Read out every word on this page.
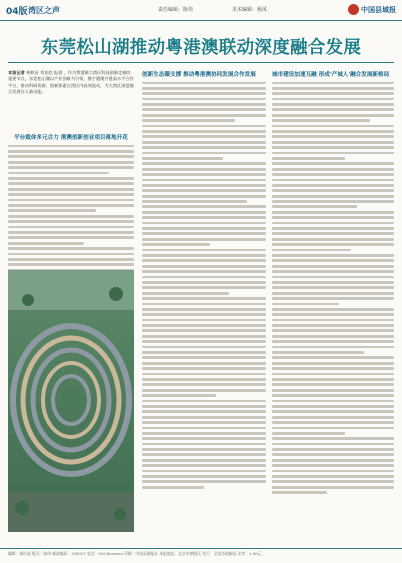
04版 湾区之声	责任编辑：陈伟	美术编辑：杨凤	中国县域报
东莞松山湖推动粤港澳联动深度融合发展
本报记者 林梓辰 刘佳欣 报道 ，作为粤港澳大湾区科技创新走廊的重要节点，东莞松山湖以产业创新为引领，携手港澳共建高水平合作平台，推动科研资源、创新要素在湾区内高效流动，为大湾区深度融合发展注入新动能。
平台载体多元合力 港澳创新创业项目落地开花
创新生态圈支撑 推动粤港澳协同发展合作发展	城市建设加速互融 形成'产城人'融合发展新格局
编辑：杨红丽 版式：陈伟 邮政编码：100027 电话：010-8xxxxxx 印刷：中国县域报社 本报地址：北京市朝阳区 发行：全国各地邮局 定价：1.50元
